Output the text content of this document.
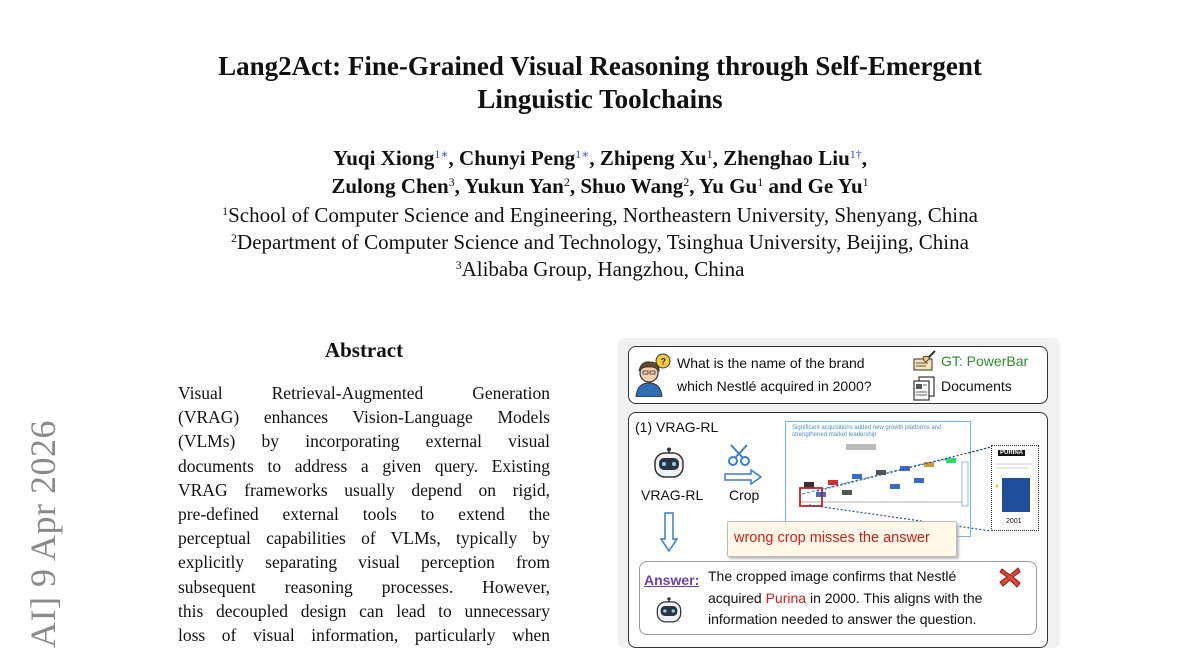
Lang2Act: Fine-Grained Visual Reasoning through Self-Emergent
Linguistic Toolchains
Yuqi Xiong$^{1∗}$, Chunyi Peng$^{1∗}$, Zhipeng Xu$^1$, Zhenghao Liu$^{1\dagger}$,
Zulong Chen$^3$, Yukun Yan$^2$, Shuo Wang$^2$, Yu Gu$^1$ and Ge Yu$^1$
$^1$School of Computer Science and Engineering, Northeastern University, Shenyang, China
$^2$Department of Computer Science and Technology, Tsinghua University, Beijing, China
$^3$Alibaba Group, Hangzhou, China
AI] 9 Apr 2026
Abstract

Visual Retrieval-Augmented Generation

(VRAG) enhances Vision-Language Models

(VLMs) by incorporating external visual

documents to address a given query. Existing

VRAG frameworks usually depend on rigid,

pre-defined external tools to extend the

perceptual capabilities of VLMs, typically by

explicitly separating visual perception from

subsequent reasoning processes. However,

this decoupled design can lead to unnecessary

loss of visual information, particularly when

? What is the name of the brand
which Nestlé acquired in 2000?
GT: PowerBar
Documents
(1) VRAG-RL
VRAG-RL Crop
Significant acquisitions added new growth platforms and strengthened market leadership
PURINA
2001
wrong crop misses the answer
Answer: The cropped image confirms that Nestlé
acquired Purina in 2000. This aligns with the
information needed to answer the question.
